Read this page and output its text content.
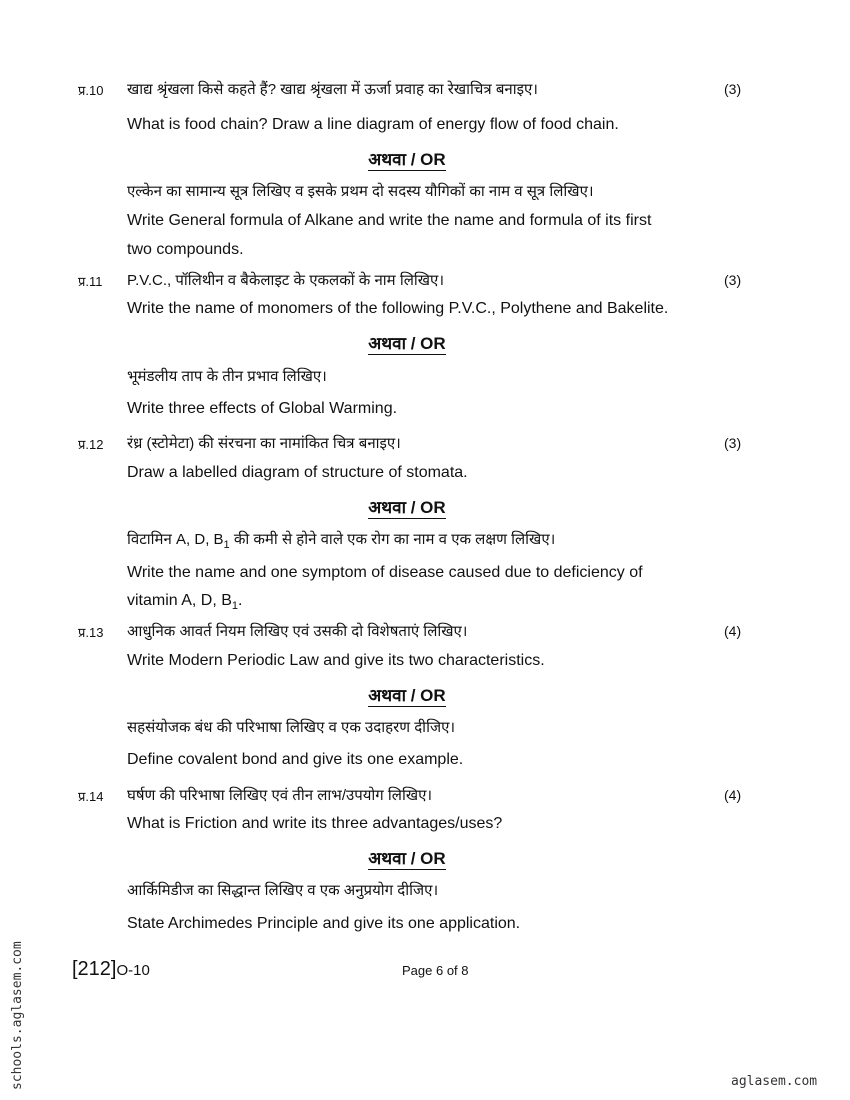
प्र.10	(3)
खाद्य श्रृंखला किसे कहते हैं? खाद्य श्रृंखला में ऊर्जा प्रवाह का रेखाचित्र बनाइए।
What is food chain? Draw a line diagram of energy flow of food chain.
अथवा / OR
एल्केन का सामान्य सूत्र लिखिए व इसके प्रथम दो सदस्य यौगिकों का नाम व सूत्र लिखिए।
Write General formula of Alkane and write the name and formula of its first
two compounds.
प्र.11	(3)
P.V.C., पॉलिथीन व बैकेलाइट के एकलकों के नाम लिखिए।
Write the name of monomers of the following P.V.C., Polythene and Bakelite.
अथवा / OR
भूमंडलीय ताप के तीन प्रभाव लिखिए।
Write three effects of Global Warming.
प्र.12	(3)
रंध्र (स्टोमेटा) की संरचना का नामांकित चित्र बनाइए।
Draw a labelled diagram of structure of stomata.
अथवा / OR
विटामिन A, D, $B_1$ की कमी से होने वाले एक रोग का नाम व एक लक्षण लिखिए।
Write the name and one symptom of disease caused due to deficiency of
vitamin A, D, $B_1$.
प्र.13	(4)
आधुनिक आवर्त नियम लिखिए एवं उसकी दो विशेषताएं लिखिए।
Write Modern Periodic Law and give its two characteristics.
अथवा / OR
सहसंयोजक बंध की परिभाषा लिखिए व एक उदाहरण दीजिए।
Define covalent bond and give its one example.
प्र.14	(4)
घर्षण की परिभाषा लिखिए एवं तीन लाभ/उपयोग लिखिए।
What is Friction and write its three advantages/uses?
अथवा / OR
आर्किमिडीज का सिद्धान्त लिखिए व एक अनुप्रयोग दीजिए।
State Archimedes Principle and give its one application.
[212]O-10	Page 6 of 8
schools.aglasem.com	aglasem.com
